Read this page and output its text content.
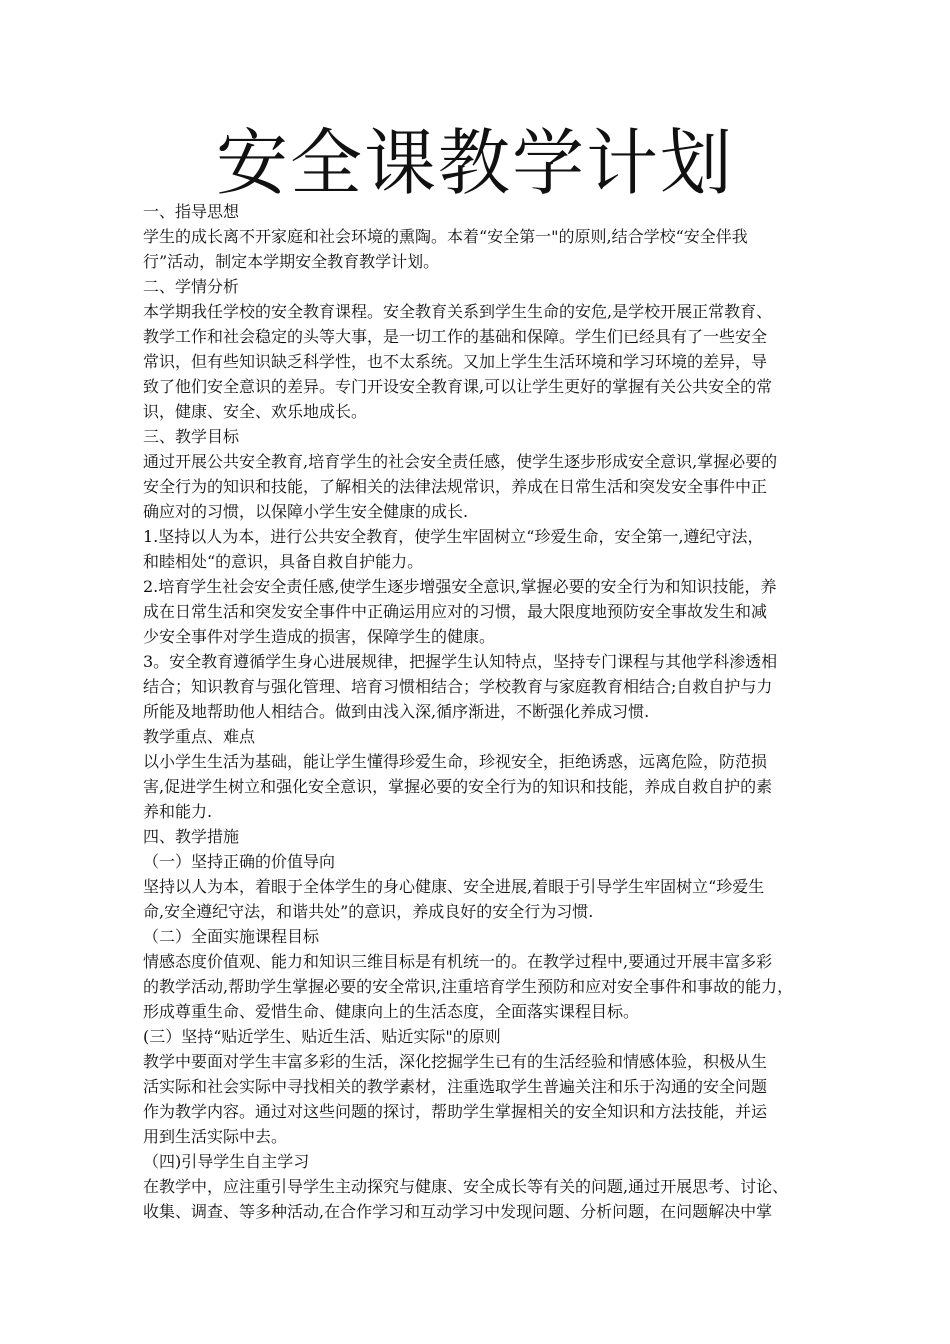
安全课教学计划
一、指导思想
学生的成长离不开家庭和社会环境的熏陶。本着“安全第一"的原则,结合学校“安全伴我
行”活动，制定本学期安全教育教学计划。
二、学情分析
本学期我任学校的安全教育课程。安全教育关系到学生生命的安危,是学校开展正常教育、
教学工作和社会稳定的头等大事，是一切工作的基础和保障。学生们已经具有了一些安全
常识，但有些知识缺乏科学性，也不太系统。又加上学生生活环境和学习环境的差异，导
致了他们安全意识的差异。专门开设安全教育课,可以让学生更好的掌握有关公共安全的常
识，健康、安全、欢乐地成长。
三、教学目标
通过开展公共安全教育,培育学生的社会安全责任感，使学生逐步形成安全意识,掌握必要的
安全行为的知识和技能，了解相关的法律法规常识，养成在日常生活和突发安全事件中正
确应对的习惯，以保障小学生安全健康的成长.
1.坚持以人为本，进行公共安全教育，使学生牢固树立“珍爱生命，安全第一,遵纪守法，
和睦相处“的意识，具备自救自护能力。
2.培育学生社会安全责任感,使学生逐步增强安全意识,掌握必要的安全行为和知识技能，养
成在日常生活和突发安全事件中正确运用应对的习惯，最大限度地预防安全事故发生和减
少安全事件对学生造成的损害，保障学生的健康。
3。安全教育遵循学生身心进展规律，把握学生认知特点，坚持专门课程与其他学科渗透相
结合；知识教育与强化管理、培育习惯相结合；学校教育与家庭教育相结合;自救自护与力
所能及地帮助他人相结合。做到由浅入深,循序渐进，不断强化养成习惯.
教学重点、难点
以小学生生活为基础，能让学生懂得珍爱生命，珍视安全，拒绝诱惑，远离危险，防范损
害,促进学生树立和强化安全意识，掌握必要的安全行为的知识和技能，养成自救自护的素
养和能力.
四、教学措施
（一）坚持正确的价值导向
坚持以人为本，着眼于全体学生的身心健康、安全进展,着眼于引导学生牢固树立“珍爱生
命,安全遵纪守法，和谐共处”的意识，养成良好的安全行为习惯.
（二）全面实施课程目标
情感态度价值观、能力和知识三维目标是有机统一的。在教学过程中,要通过开展丰富多彩
的教学活动,帮助学生掌握必要的安全常识,注重培育学生预防和应对安全事件和事故的能力，
形成尊重生命、爱惜生命、健康向上的生活态度，全面落实课程目标。
(三）坚持“贴近学生、贴近生活、贴近实际"的原则
教学中要面对学生丰富多彩的生活，深化挖掘学生已有的生活经验和情感体验，积极从生
活实际和社会实际中寻找相关的教学素材，注重选取学生普遍关注和乐于沟通的安全问题
作为教学内容。通过对这些问题的探讨，帮助学生掌握相关的安全知识和方法技能，并运
用到生活实际中去。
（四)引导学生自主学习
在教学中，应注重引导学生主动探究与健康、安全成长等有关的问题,通过开展思考、讨论、
收集、调查、等多种活动,在合作学习和互动学习中发现问题、分析问题，在问题解决中掌
